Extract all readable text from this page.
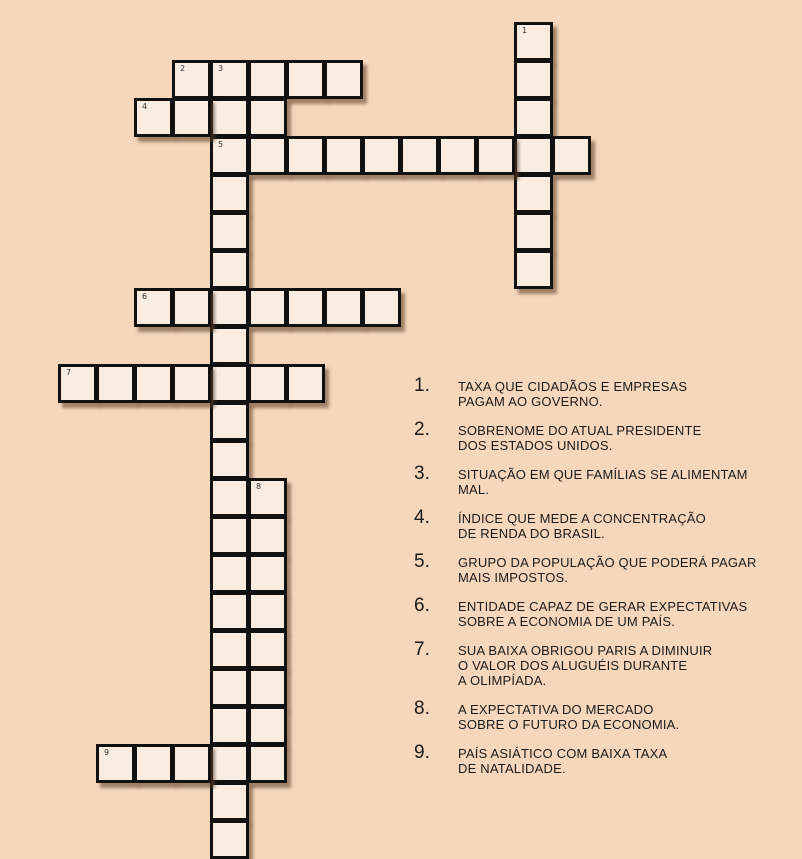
1
2	3
5
4
6
7
8
9
1.	TAXA QUE CIDADÃOS E EMPRESAS
PAGAM AO GOVERNO.
2.	SOBRENOME DO ATUAL PRESIDENTE
DOS ESTADOS UNIDOS.
3.	SITUAÇÃO EM QUE FAMÍLIAS SE ALIMENTAM
MAL.
4.	ÍNDICE QUE MEDE A CONCENTRAÇÃO
DE RENDA DO BRASIL.
5.	GRUPO DA POPULAÇÃO QUE PODERÁ PAGAR
MAIS IMPOSTOS.
6.	ENTIDADE CAPAZ DE GERAR EXPECTATIVAS
SOBRE A ECONOMIA DE UM PAÍS.
7.	SUA BAIXA OBRIGOU PARIS A DIMINUIR
O VALOR DOS ALUGUÉIS DURANTE
A OLIMPÍADA.
8.	A EXPECTATIVA DO MERCADO
SOBRE O FUTURO DA ECONOMIA.
9.	PAÍS ASIÁTICO COM BAIXA TAXA
DE NATALIDADE.
